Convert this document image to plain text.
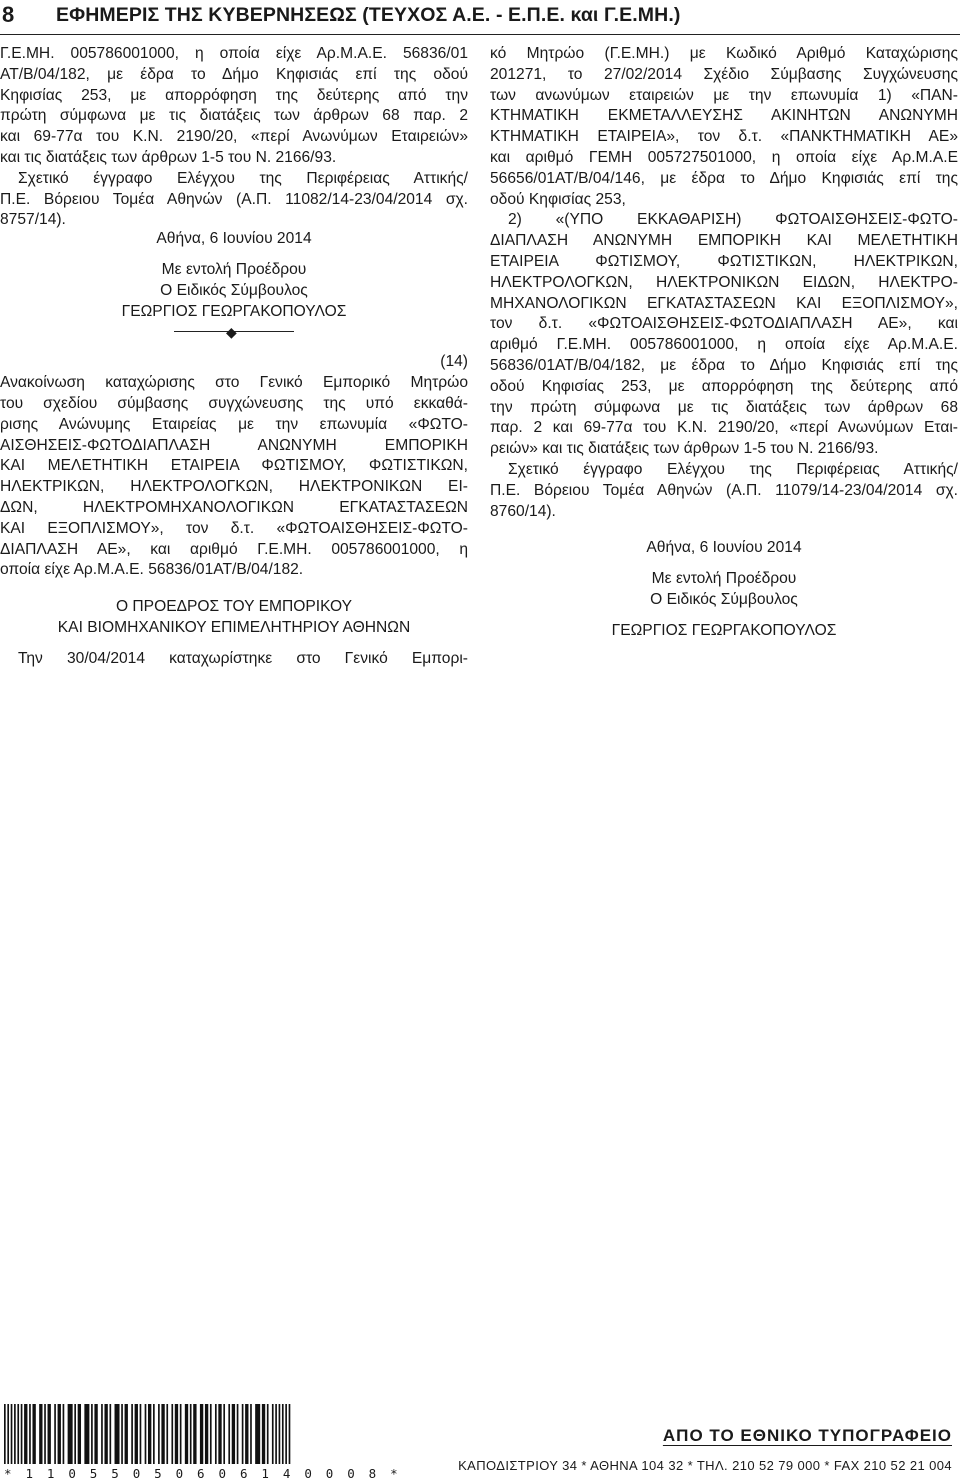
8 ΕΦΗΜΕΡΙΣ ΤΗΣ ΚΥΒΕΡΝΗΣΕΩΣ (ΤΕΥΧΟΣ Α.Ε. - Ε.Π.Ε. και Γ.Ε.ΜΗ.)
Γ.Ε.ΜΗ. 005786001000, η οποία είχε Αρ.Μ.Α.Ε. 56836/01
ΑΤ/Β/04/182, με έδρα το Δήμο Κηφισιάς επί της οδού
Κηφισίας 253, με απορρόφηση της δεύτερης από την
πρώτη σύμφωνα με τις διατάξεις των άρθρων 68 παρ. 2
και 69-77α του Κ.Ν. 2190/20, «περί Ανωνύμων Εταιρειών»
και τις διατάξεις των άρθρων 1-5 του Ν. 2166/93.
Σχετικό έγγραφο Ελέγχου της Περιφέρειας Αττικής/
Π.Ε. Βόρειου Τομέα Αθηνών (Α.Π. 11082/14-23/04/2014 σχ.
8757/14).
Αθήνα, 6 Ιουνίου 2014
Με εντολή Προέδρου
Ο Ειδικός Σύμβουλος
ΓΕΩΡΓΙΟΣ ΓΕΩΡΓΑΚΟΠΟΥΛΟΣ
◆
(14)
Ανακοίνωση καταχώρισης στο Γενικό Εμπορικό Μητρώο
του σχεδίου σύμβασης συγχώνευσης της υπό εκκαθά-
ρισης Ανώνυμης Εταιρείας με την επωνυμία «ΦΩΤΟ-
ΑΙΣΘΗΣΕΙΣ-ΦΩΤΟΔΙΑΠΛΑΣΗ ΑΝΩΝΥΜΗ ΕΜΠΟΡΙΚΗ
ΚΑΙ ΜΕΛΕΤΗΤΙΚΗ ΕΤΑΙΡΕΙΑ ΦΩΤΙΣΜΟΥ, ΦΩΤΙΣΤΙΚΩΝ,
ΗΛΕΚΤΡΙΚΩΝ, ΗΛΕΚΤΡΟΛΟΓΚΩΝ, ΗΛΕΚΤΡΟΝΙΚΩΝ ΕΙ-
ΔΩΝ, ΗΛΕΚΤΡΟΜΗΧΑΝΟΛΟΓΙΚΩΝ ΕΓΚΑΤΑΣΤΑΣΕΩΝ
ΚΑΙ ΕΞΟΠΛΙΣΜΟΥ», τον δ.τ. «ΦΩΤΟΑΙΣΘΗΣΕΙΣ-ΦΩΤΟ-
ΔΙΑΠΛΑΣΗ ΑΕ», και αριθμό Γ.Ε.ΜΗ. 005786001000, η
οποία είχε Αρ.Μ.Α.Ε. 56836/01ΑΤ/Β/04/182.
Ο ΠΡΟΕΔΡΟΣ ΤΟΥ ΕΜΠΟΡΙΚΟΥ
ΚΑΙ ΒΙΟΜΗΧΑΝΙΚΟΥ ΕΠΙΜΕΛΗΤΗΡΙΟΥ ΑΘΗΝΩΝ
Την 30/04/2014 καταχωρίστηκε στο Γενικό Εμπορι-
κό Μητρώο (Γ.Ε.ΜΗ.) με Κωδικό Αριθμό Καταχώρισης
201271, το 27/02/2014 Σχέδιο Σύμβασης Συγχώνευσης
των ανωνύμων εταιρειών με την επωνυμία 1) «ΠΑΝ-
ΚΤΗΜΑΤΙΚΗ ΕΚΜΕΤΑΛΛΕΥΣΗΣ ΑΚΙΝΗΤΩΝ ΑΝΩΝΥΜΗ
ΚΤΗΜΑΤΙΚΗ ΕΤΑΙΡΕΙΑ», τον δ.τ. «ΠΑΝΚΤΗΜΑΤΙΚΗ ΑΕ»
και αριθμό ΓΕΜΗ 005727501000, η οποία είχε Αρ.Μ.Α.Ε
56656/01ΑΤ/Β/04/146, με έδρα το Δήμο Κηφισιάς επί της
οδού Κηφισίας 253,
2) «(ΥΠΟ ΕΚΚΑΘΑΡΙΣΗ) ΦΩΤΟΑΙΣΘΗΣΕΙΣ-ΦΩΤΟ-
ΔΙΑΠΛΑΣΗ ΑΝΩΝΥΜΗ ΕΜΠΟΡΙΚΗ ΚΑΙ ΜΕΛΕΤΗΤΙΚΗ
ΕΤΑΙΡΕΙΑ ΦΩΤΙΣΜΟΥ, ΦΩΤΙΣΤΙΚΩΝ, ΗΛΕΚΤΡΙΚΩΝ,
ΗΛΕΚΤΡΟΛΟΓΚΩΝ, ΗΛΕΚΤΡΟΝΙΚΩΝ ΕΙΔΩΝ, ΗΛΕΚΤΡΟ-
ΜΗΧΑΝΟΛΟΓΙΚΩΝ ΕΓΚΑΤΑΣΤΑΣΕΩΝ ΚΑΙ ΕΞΟΠΛΙΣΜΟΥ»,
τον δ.τ. «ΦΩΤΟΑΙΣΘΗΣΕΙΣ-ΦΩΤΟΔΙΑΠΛΑΣΗ ΑΕ», και
αριθμό Γ.Ε.ΜΗ. 005786001000, η οποία είχε Αρ.Μ.Α.Ε.
56836/01ΑΤ/Β/04/182, με έδρα το Δήμο Κηφισιάς επί της
οδού Κηφισίας 253, με απορρόφηση της δεύτερης από
την πρώτη σύμφωνα με τις διατάξεις των άρθρων 68
παρ. 2 και 69-77α του Κ.Ν. 2190/20, «περί Ανωνύμων Εται-
ρειών» και τις διατάξεις των άρθρων 1-5 του Ν. 2166/93.
Σχετικό έγγραφο Ελέγχου της Περιφέρειας Αττικής/
Π.Ε. Βόρειου Τομέα Αθηνών (Α.Π. 11079/14-23/04/2014 σχ.
8760/14).
Αθήνα, 6 Ιουνίου 2014
Με εντολή Προέδρου
Ο Ειδικός Σύμβουλος
ΓΕΩΡΓΙΟΣ ΓΕΩΡΓΑΚΟΠΟΥΛΟΣ
* 1 1 0 5 5 0 5 0 6 0 6 1 4 0 0 0 8 *
ΑΠΟ ΤΟ ΕΘΝΙΚΟ ΤΥΠΟΓΡΑΦΕΙΟ
ΚΑΠΟΔΙΣΤΡΙΟΥ 34 * ΑΘΗΝΑ 104 32 * ΤΗΛ. 210 52 79 000 * FAX 210 52 21 004
